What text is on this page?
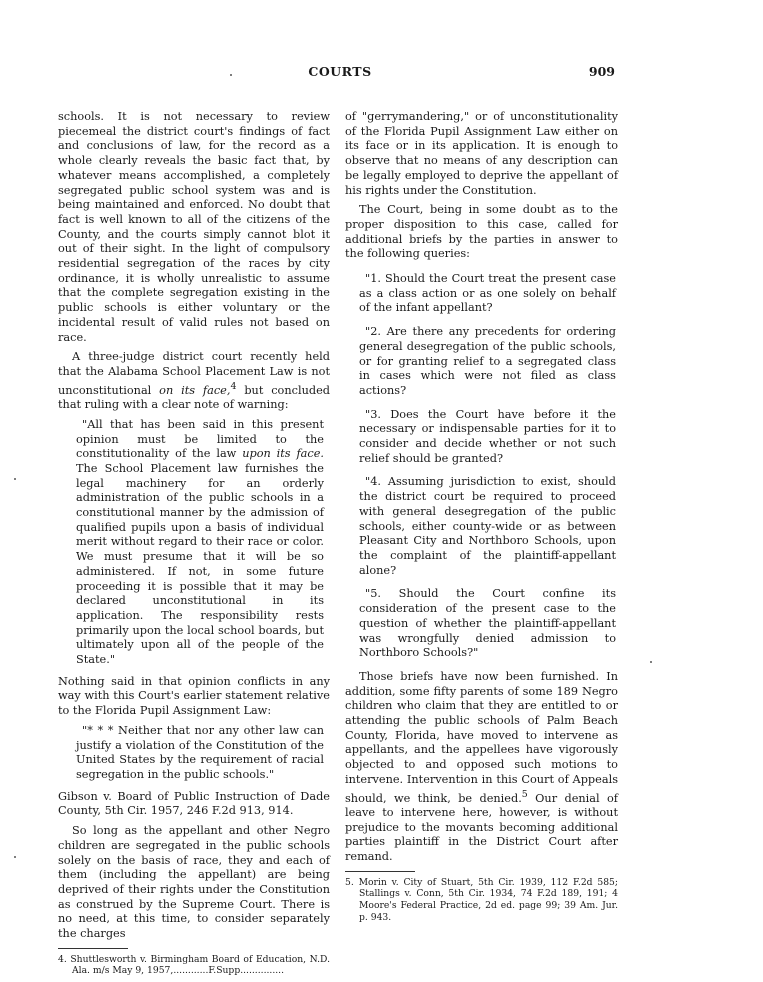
COURTS	909

schools. It is not necessary to review piecemeal the district court's findings of fact and conclusions of law, for the record as a whole clearly reveals the basic fact that, by whatever means accomplished, a completely segregated public school system was and is being maintained and enforced. No doubt that fact is well known to all of the citizens of the County, and the courts simply cannot blot it out of their sight. In the light of compulsory residential segregation of the races by city ordinance, it is wholly unrealistic to assume that the complete segregation existing in the public schools is either voluntary or the incidental result of valid rules not based on race.

A three-judge district court recently held that the Alabama School Placement Law is not unconstitutional on its face,$^4$ but concluded that ruling with a clear note of warning:

"All that has been said in this present opinion must be limited to the constitutionality of the law upon its face. The School Placement law furnishes the legal machinery for an orderly administration of the public schools in a constitutional manner by the admission of qualified pupils upon a basis of individual merit without regard to their race or color. We must presume that it will be so administered. If not, in some future proceeding it is possible that it may be declared unconstitutional in its application. The responsibility rests primarily upon the local school boards, but ultimately upon all of the people of the State."

Nothing said in that opinion conflicts in any way with this Court's earlier statement relative to the Florida Pupil Assignment Law:

"* * * Neither that nor any other law can justify a violation of the Constitution of the United States by the requirement of racial segregation in the public schools."

Gibson v. Board of Public Instruction of Dade County, 5th Cir. 1957, 246 F.2d 913, 914.

So long as the appellant and other Negro children are segregated in the public schools solely on the basis of race, they and each of them (including the appellant) are being deprived of their rights under the Constitution as construed by the Supreme Court. There is no need, at this time, to consider separately the charges

4. Shuttlesworth v. Birmingham Board of Education, N.D. Ala. m/s May 9, 1957,............F.Supp...............

of "gerrymandering," or of unconstitutionality of the Florida Pupil Assignment Law either on its face or in its application. It is enough to observe that no means of any description can be legally employed to deprive the appellant of his rights under the Constitution.

The Court, being in some doubt as to the proper disposition to this case, called for additional briefs by the parties in answer to the following queries:

"1. Should the Court treat the present case as a class action or as one solely on behalf of the infant appellant?

"2. Are there any precedents for ordering general desegregation of the public schools, or for granting relief to a segregated class in cases which were not filed as class actions?

"3. Does the Court have before it the necessary or indispensable parties for it to consider and decide whether or not such relief should be granted?

"4. Assuming jurisdiction to exist, should the district court be required to proceed with general desegregation of the public schools, either county-wide or as between Pleasant City and Northboro Schools, upon the complaint of the plaintiff-appellant alone?

"5. Should the Court confine its consideration of the present case to the question of whether the plaintiff-appellant was wrongfully denied admission to Northboro Schools?"

Those briefs have now been furnished. In addition, some fifty parents of some 189 Negro children who claim that they are entitled to or attending the public schools of Palm Beach County, Florida, have moved to intervene as appellants, and the appellees have vigorously objected to and opposed such motions to intervene. Intervention in this Court of Appeals should, we think, be denied.$^5$ Our denial of leave to intervene here, however, is without prejudice to the movants becoming additional parties plaintiff in the District Court after remand.

5. Morin v. City of Stuart, 5th Cir. 1939, 112 F.2d 585; Stallings v. Conn, 5th Cir. 1934, 74 F.2d 189, 191; 4 Moore's Federal Practice, 2d ed. page 99; 39 Am. Jur. p. 943.
